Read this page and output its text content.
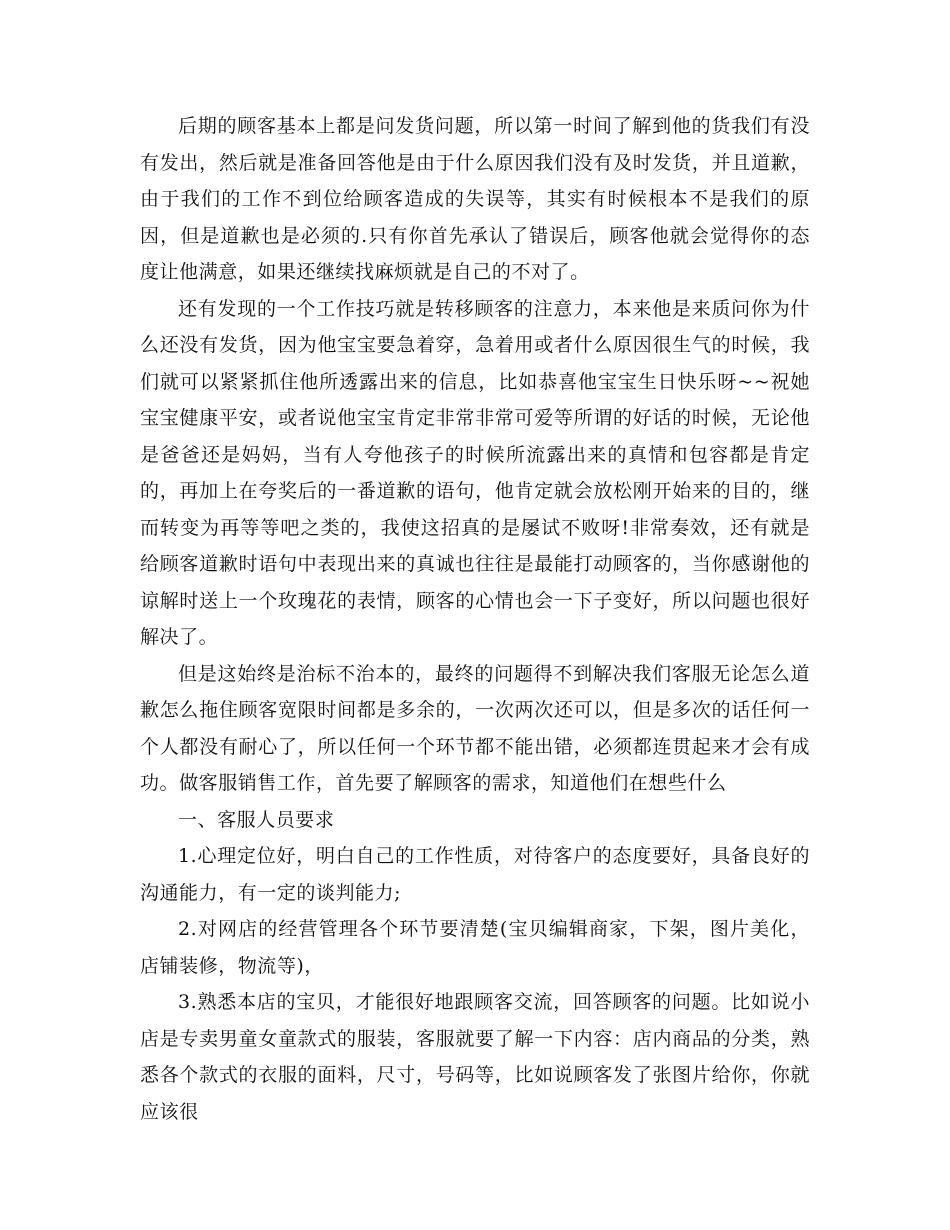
后期的顾客基本上都是问发货问题，所以第一时间了解到他的货我们有没有发出，然后就是准备回答他是由于什么原因我们没有及时发货，并且道歉，由于我们的工作不到位给顾客造成的失误等，其实有时候根本不是我们的原因，但是道歉也是必须的.只有你首先承认了错误后，顾客他就会觉得你的态度让他满意，如果还继续找麻烦就是自己的不对了。

还有发现的一个工作技巧就是转移顾客的注意力，本来他是来质问你为什么还没有发货，因为他宝宝要急着穿，急着用或者什么原因很生气的时候，我们就可以紧紧抓住他所透露出来的信息，比如恭喜他宝宝生日快乐呀~~祝她宝宝健康平安，或者说他宝宝肯定非常非常可爱等所谓的好话的时候，无论他是爸爸还是妈妈，当有人夸他孩子的时候所流露出来的真情和包容都是肯定的，再加上在夸奖后的一番道歉的语句，他肯定就会放松刚开始来的目的，继而转变为再等等吧之类的，我使这招真的是屡试不败呀!非常奏效，还有就是给顾客道歉时语句中表现出来的真诚也往往是最能打动顾客的，当你感谢他的谅解时送上一个玫瑰花的表情，顾客的心情也会一下子变好，所以问题也很好解决了。

但是这始终是治标不治本的，最终的问题得不到解决我们客服无论怎么道歉怎么拖住顾客宽限时间都是多余的，一次两次还可以，但是多次的话任何一个人都没有耐心了，所以任何一个环节都不能出错，必须都连贯起来才会有成功。做客服销售工作，首先要了解顾客的需求，知道他们在想些什么

一、客服人员要求

1.心理定位好，明白自己的工作性质，对待客户的态度要好，具备良好的沟通能力，有一定的谈判能力;

2.对网店的经营管理各个环节要清楚(宝贝编辑商家，下架，图片美化，店铺装修，物流等)，

3.熟悉本店的宝贝，才能很好地跟顾客交流，回答顾客的问题。比如说小店是专卖男童女童款式的服装，客服就要了解一下内容：店内商品的分类，熟悉各个款式的衣服的面料，尺寸，号码等，比如说顾客发了张图片给你，你就应该很
